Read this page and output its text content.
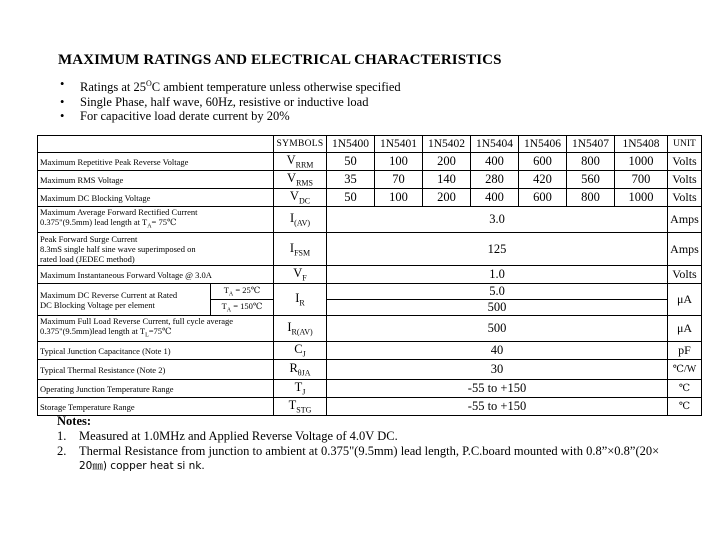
MAXIMUM RATINGS AND ELECTRICAL CHARACTERISTICS
• Ratings at $25^OC$ ambient temperature unless otherwise specified
• Single Phase, half wave, 60Hz, resistive or inductive load
• For capacitive load derate current by 20%
		SYMBOLS	1N5400	1N5401	1N5402	1N5404	1N5406	1N5407	1N5408	UNIT
Maximum Repetitive Peak Reverse Voltage		$V_{RRM}$	50	100	200	400	600	800	1000	Volts
Maximum RMS Voltage		$V_{RMS}$	35	70	140	280	420	560	700	Volts
Maximum DC Blocking Voltage		$V_{DC}$	50	100	200	400	600	800	1000	Volts

Maximum Average Forward Rectified Current
0.375"(9.5mm) lead length at $T_A=$ 75℃		$I_{(AV)}$	3.0							Amps

Peak Forward Surge Current
8.3mS single half sine wave superimposed on
rated load (JEDEC method)		$I_{FSM}$	125							Amps
Maximum Instantaneous Forward Voltage @ 3.0A		$V_F$	1.0							Volts

Maximum DC Reverse Current at Rated
DC Blocking Voltage per element	$T_A$ = 25℃	$I_R$	5.0							μA
	$T_A$ = 150℃		500							

Maximum Full Load Reverse Current, full cycle average
0.375"(9.5mm)lead length at $T_L=75℃$		$I_{R(AV)}$	500							μA
Typical Junction Capacitance (Note 1)		$C_J$	40							pF
Typical Thermal Resistance (Note 2)		$R_{\theta JA}$	30							℃/W
Operating Junction Temperature Range		$T_J$	-55 to +150							℃
Storage Temperature Range		$T_{STG}$	-55 to +150							℃
Notes:
1. Measured at 1.0MHz and Applied Reverse Voltage of 4.0V DC.
2. Thermal Resistance from junction to ambient at 0.375"(9.5mm) lead length, P.C.board mounted with 0.8”×0.8”(20×
20㎜) copper heat si nk.
